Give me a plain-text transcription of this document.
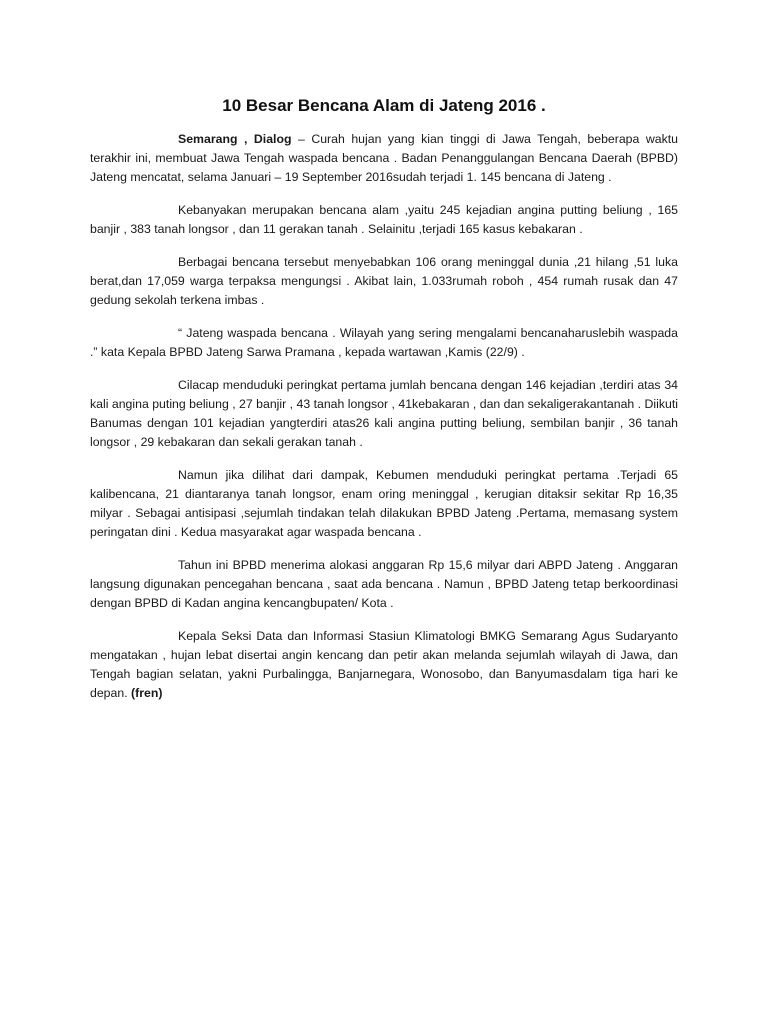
10 Besar Bencana Alam di Jateng 2016 .

Semarang , Dialog – Curah hujan yang kian tinggi di Jawa Tengah, beberapa waktu terakhir ini, membuat Jawa Tengah waspada bencana . Badan Penanggulangan Bencana Daerah (BPBD) Jateng mencatat, selama Januari – 19 September 2016sudah terjadi 1. 145 bencana di Jateng .

Kebanyakan merupakan bencana alam ,yaitu 245 kejadian angina putting beliung , 165 banjir , 383 tanah longsor , dan 11 gerakan tanah . Selainitu ,terjadi 165 kasus kebakaran .

Berbagai bencana tersebut menyebabkan 106 orang meninggal dunia ,21 hilang ,51 luka berat,dan 17,059 warga terpaksa mengungsi . Akibat lain, 1.033rumah roboh , 454 rumah rusak dan 47 gedung sekolah terkena imbas .

“ Jateng waspada bencana . Wilayah yang sering mengalami bencanaharuslebih waspada .” kata Kepala BPBD Jateng Sarwa Pramana , kepada wartawan ,Kamis (22/9) .

Cilacap menduduki peringkat pertama jumlah bencana dengan 146 kejadian ,terdiri atas 34 kali angina puting beliung , 27 banjir , 43 tanah longsor , 41kebakaran , dan dan sekaligerakantanah . Diikuti Banumas dengan 101 kejadian yangterdiri atas26 kali angina putting beliung, sembilan banjir , 36 tanah longsor , 29 kebakaran dan sekali gerakan tanah .

Namun jika dilihat dari dampak, Kebumen menduduki peringkat pertama .Terjadi 65 kalibencana, 21 diantaranya tanah longsor, enam oring meninggal , kerugian ditaksir sekitar Rp 16,35 milyar . Sebagai antisipasi ,sejumlah tindakan telah dilakukan BPBD Jateng .Pertama, memasang system peringatan dini . Kedua masyarakat agar waspada bencana .

Tahun ini BPBD menerima alokasi anggaran Rp 15,6 milyar dari ABPD Jateng . Anggaran langsung digunakan pencegahan bencana , saat ada bencana . Namun , BPBD Jateng tetap berkoordinasi dengan BPBD di Kadan angina kencangbupaten/ Kota .

Kepala Seksi Data dan Informasi Stasiun Klimatologi BMKG Semarang Agus Sudaryanto mengatakan , hujan lebat disertai angin kencang dan petir akan melanda sejumlah wilayah di Jawa, dan Tengah bagian selatan, yakni Purbalingga, Banjarnegara, Wonosobo, dan Banyumasdalam tiga hari ke depan. (fren)
